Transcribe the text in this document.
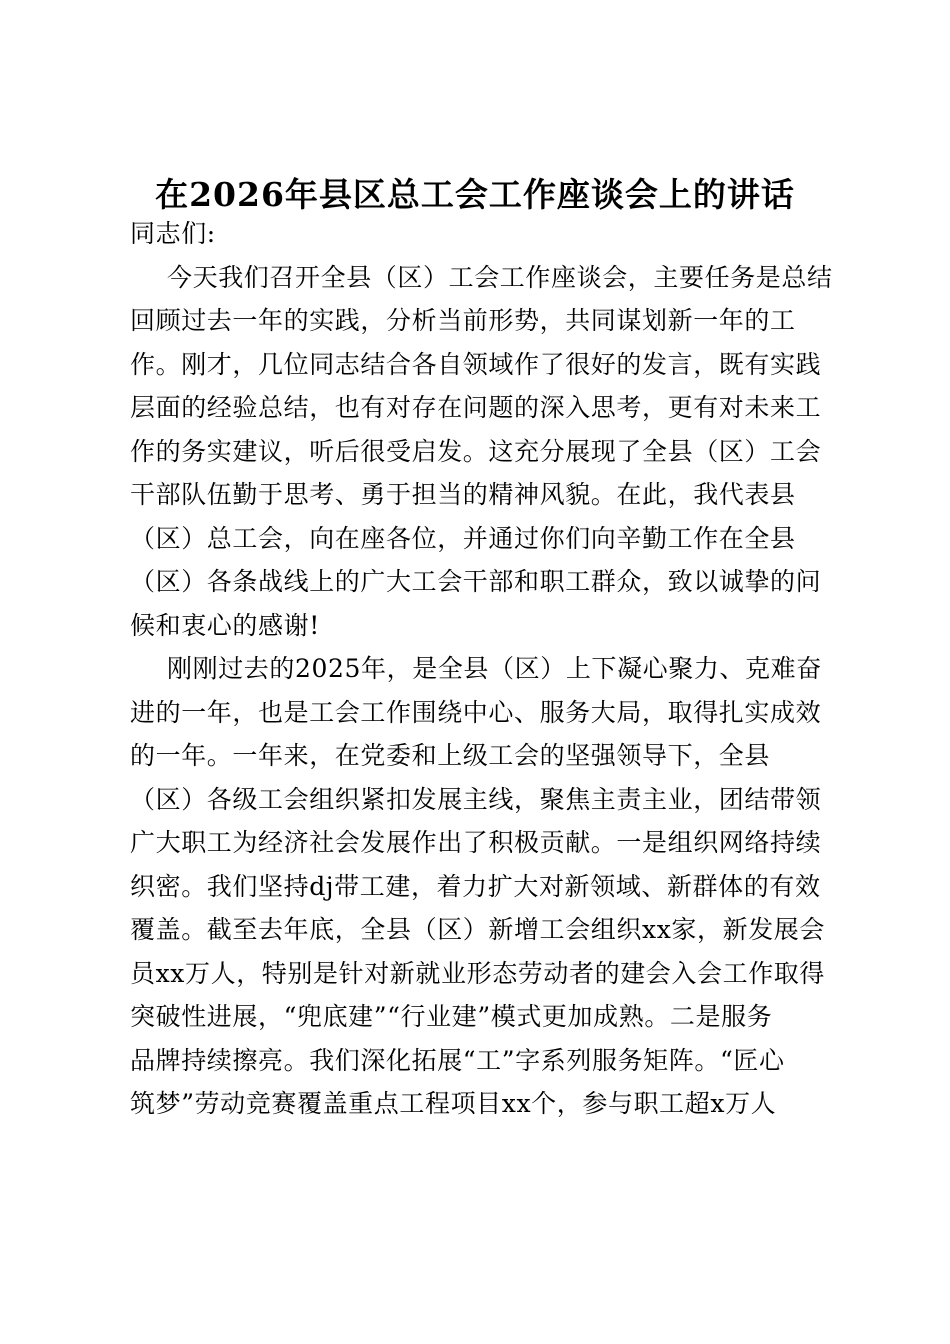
在2026年县区总工会工作座谈会上的讲话
同志们:
今天我们召开全县（区）工会工作座谈会，主要任务是总结
回顾过去一年的实践，分析当前形势，共同谋划新一年的工
作。刚才，几位同志结合各自领域作了很好的发言，既有实践
层面的经验总结，也有对存在问题的深入思考，更有对未来工
作的务实建议，听后很受启发。这充分展现了全县（区）工会
干部队伍勤于思考、勇于担当的精神风貌。在此，我代表县
（区）总工会，向在座各位，并通过你们向辛勤工作在全县
（区）各条战线上的广大工会干部和职工群众，致以诚挚的问
候和衷心的感谢!
刚刚过去的2025年，是全县（区）上下凝心聚力、克难奋
进的一年，也是工会工作围绕中心、服务大局，取得扎实成效
的一年。一年来，在党委和上级工会的坚强领导下，全县
（区）各级工会组织紧扣发展主线，聚焦主责主业，团结带领
广大职工为经济社会发展作出了积极贡献。一是组织网络持续
织密。我们坚持dj带工建，着力扩大对新领域、新群体的有效
覆盖。截至去年底，全县（区）新增工会组织xx家，新发展会
员xx万人，特别是针对新就业形态劳动者的建会入会工作取得
突破性进展，“兜底建”“行业建”模式更加成熟。二是服务
品牌持续擦亮。我们深化拓展“工”字系列服务矩阵。“匠心
筑梦”劳动竞赛覆盖重点工程项目xx个，参与职工超x万人
